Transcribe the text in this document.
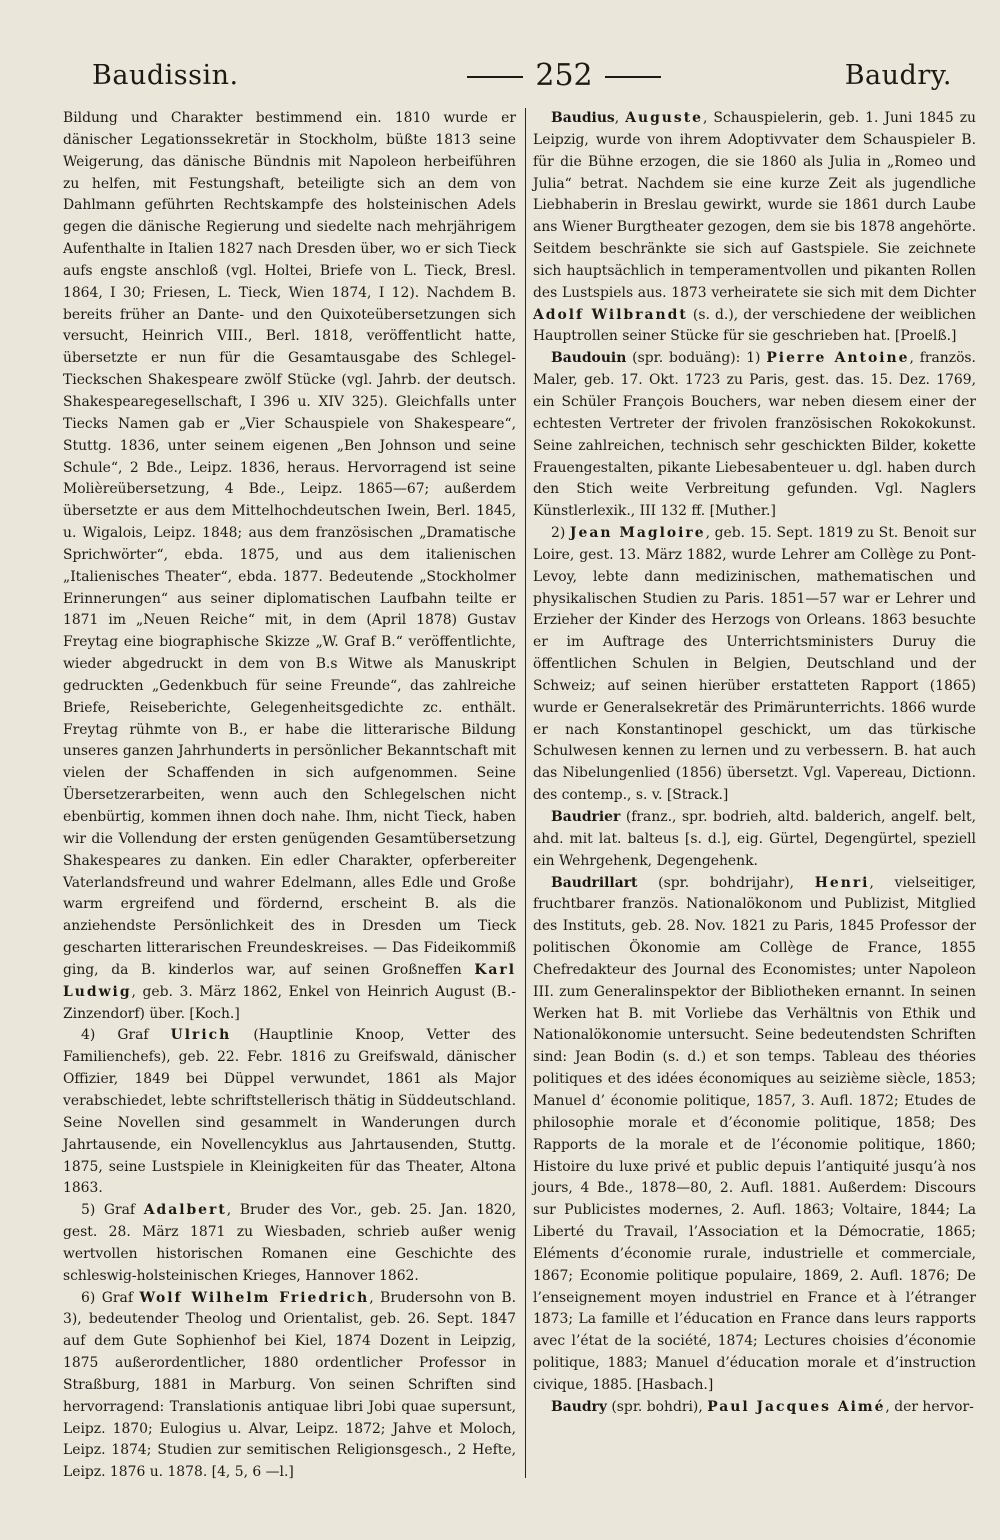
Baudissin.	252	Baudry.

Bildung und Charakter bestimmend ein. 1810 wurde er dänischer Legationssekretär in Stockholm, büßte 1813 seine Weigerung, das dänische Bündnis mit Napoleon herbeiführen zu helfen, mit Festungshaft, beteiligte sich an dem von Dahlmann geführten Rechtskampfe des holsteinischen Adels gegen die dänische Regierung und siedelte nach mehrjährigem Aufenthalte in Italien 1827 nach Dresden über, wo er sich Tieck aufs engste anschloß (vgl. Holtei, Briefe von L. Tieck, Bresl. 1864, I 30; Friesen, L. Tieck, Wien 1874, I 12). Nachdem B. bereits früher an Dante- und den Quixoteübersetzungen sich versucht, Heinrich VIII., Berl. 1818, veröffentlicht hatte, übersetzte er nun für die Gesamtausgabe des Schlegel-Tieckschen Shakespeare zwölf Stücke (vgl. Jahrb. der deutsch. Shakespearegesellschaft, I 396 u. XIV 325). Gleichfalls unter Tiecks Namen gab er „Vier Schauspiele von Shakespeare“, Stuttg. 1836, unter seinem eigenen „Ben Johnson und seine Schule“, 2 Bde., Leipz. 1836, heraus. Hervorragend ist seine Molièreübersetzung, 4 Bde., Leipz. 1865—67; außerdem übersetzte er aus dem Mittelhochdeutschen Iwein, Berl. 1845, u. Wigalois, Leipz. 1848; aus dem französischen „Dramatische Sprichwörter“, ebda. 1875, und aus dem italienischen „Italienisches Theater“, ebda. 1877. Bedeutende „Stockholmer Erinnerungen“ aus seiner diplomatischen Laufbahn teilte er 1871 im „Neuen Reiche“ mit, in dem (April 1878) Gustav Freytag eine biographische Skizze „W. Graf B.“ veröffentlichte, wieder abgedruckt in dem von B.s Witwe als Manuskript gedruckten „Gedenkbuch für seine Freunde“, das zahlreiche Briefe, Reiseberichte, Gelegenheitsgedichte zc. enthält. Freytag rühmte von B., er habe die litterarische Bildung unseres ganzen Jahrhunderts in persönlicher Bekanntschaft mit vielen der Schaffenden in sich aufgenommen. Seine Übersetzerarbeiten, wenn auch den Schlegelschen nicht ebenbürtig, kommen ihnen doch nahe. Ihm, nicht Tieck, haben wir die Vollendung der ersten genügenden Gesamtübersetzung Shakespeares zu danken. Ein edler Charakter, opferbereiter Vaterlandsfreund und wahrer Edelmann, alles Edle und Große warm ergreifend und fördernd, erscheint B. als die anziehendste Persönlichkeit des in Dresden um Tieck gescharten litterarischen Freundeskreises. — Das Fideikommiß ging, da B. kinderlos war, auf seinen Großneffen Karl Ludwig, geb. 3. März 1862, Enkel von Heinrich August (B.-Zinzendorf) über. [Koch.]

4) Graf Ulrich (Hauptlinie Knoop, Vetter des Familienchefs), geb. 22. Febr. 1816 zu Greifswald, dänischer Offizier, 1849 bei Düppel verwundet, 1861 als Major verabschiedet, lebte schriftstellerisch thätig in Süddeutschland. Seine Novellen sind gesammelt in Wanderungen durch Jahrtausende, ein Novellencyklus aus Jahrtausenden, Stuttg. 1875, seine Lustspiele in Kleinigkeiten für das Theater, Altona 1863.

5) Graf Adalbert, Bruder des Vor., geb. 25. Jan. 1820, gest. 28. März 1871 zu Wiesbaden, schrieb außer wenig wertvollen historischen Romanen eine Geschichte des schleswig-holsteinischen Krieges, Hannover 1862.

6) Graf Wolf Wilhelm Friedrich, Brudersohn von B. 3), bedeutender Theolog und Orientalist, geb. 26. Sept. 1847 auf dem Gute Sophienhof bei Kiel, 1874 Dozent in Leipzig, 1875 außerordentlicher, 1880 ordentlicher Professor in Straßburg, 1881 in Marburg. Von seinen Schriften sind hervorragend: Translationis antiquae libri Jobi quae supersunt, Leipz. 1870; Eulogius u. Alvar, Leipz. 1872; Jahve et Moloch, Leipz. 1874; Studien zur semitischen Religionsgesch., 2 Hefte, Leipz. 1876 u. 1878. [4, 5, 6 —l.]

Baudius, Auguste, Schauspielerin, geb. 1. Juni 1845 zu Leipzig, wurde von ihrem Adoptivvater dem Schauspieler B. für die Bühne erzogen, die sie 1860 als Julia in „Romeo und Julia“ betrat. Nachdem sie eine kurze Zeit als jugendliche Liebhaberin in Breslau gewirkt, wurde sie 1861 durch Laube ans Wiener Burgtheater gezogen, dem sie bis 1878 angehörte. Seitdem beschränkte sie sich auf Gastspiele. Sie zeichnete sich hauptsächlich in temperamentvollen und pikanten Rollen des Lustspiels aus. 1873 verheiratete sie sich mit dem Dichter Adolf Wilbrandt (s. d.), der verschiedene der weiblichen Hauptrollen seiner Stücke für sie geschrieben hat. [Proelß.]

Baudouin (spr. boduäng): 1) Pierre Antoine, französ. Maler, geb. 17. Okt. 1723 zu Paris, gest. das. 15. Dez. 1769, ein Schüler François Bouchers, war neben diesem einer der echtesten Vertreter der frivolen französischen Rokokokunst. Seine zahlreichen, technisch sehr geschickten Bilder, kokette Frauengestalten, pikante Liebesabenteuer u. dgl. haben durch den Stich weite Verbreitung gefunden. Vgl. Naglers Künstlerlexik., III 132 ff. [Muther.]

2) Jean Magloire, geb. 15. Sept. 1819 zu St. Benoit sur Loire, gest. 13. März 1882, wurde Lehrer am Collège zu Pont-Levoy, lebte dann medizinischen, mathematischen und physikalischen Studien zu Paris. 1851—57 war er Lehrer und Erzieher der Kinder des Herzogs von Orleans. 1863 besuchte er im Auftrage des Unterrichtsministers Duruy die öffentlichen Schulen in Belgien, Deutschland und der Schweiz; auf seinen hierüber erstatteten Rapport (1865) wurde er Generalsekretär des Primärunterrichts. 1866 wurde er nach Konstantinopel geschickt, um das türkische Schulwesen kennen zu lernen und zu verbessern. B. hat auch das Nibelungenlied (1856) übersetzt. Vgl. Vapereau, Dictionn. des contemp., s. v. [Strack.]

Baudrier (franz., spr. bodrieh, altd. balderich, angelf. belt, ahd. mit lat. balteus [s. d.], eig. Gürtel, Degengürtel, speziell ein Wehrgehenk, Degengehenk.

Baudrillart (spr. bohdrijahr), Henri, vielseitiger, fruchtbarer französ. Nationalökonom und Publizist, Mitglied des Instituts, geb. 28. Nov. 1821 zu Paris, 1845 Professor der politischen Ökonomie am Collège de France, 1855 Chefredakteur des Journal des Economistes; unter Napoleon III. zum Generalinspektor der Bibliotheken ernannt. In seinen Werken hat B. mit Vorliebe das Verhältnis von Ethik und Nationalökonomie untersucht. Seine bedeutendsten Schriften sind: Jean Bodin (s. d.) et son temps. Tableau des théories politiques et des idées économiques au seizième siècle, 1853; Manuel d’ économie politique, 1857, 3. Aufl. 1872; Etudes de philosophie morale et d’économie politique, 1858; Des Rapports de la morale et de l’économie politique, 1860; Histoire du luxe privé et public depuis l’antiquité jusqu’à nos jours, 4 Bde., 1878—80, 2. Aufl. 1881. Außerdem: Discours sur Publicistes modernes, 2. Aufl. 1863; Voltaire, 1844; La Liberté du Travail, l’Association et la Démocratie, 1865; Eléments d’économie rurale, industrielle et commerciale, 1867; Economie politique populaire, 1869, 2. Aufl. 1876; De l’enseignement moyen industriel en France et à l’étranger 1873; La famille et l’éducation en France dans leurs rapports avec l’état de la société, 1874; Lectures choisies d’économie politique, 1883; Manuel d’éducation morale et d’instruction civique, 1885. [Hasbach.]

Baudry (spr. bohdri), Paul Jacques Aimé, der hervor-
